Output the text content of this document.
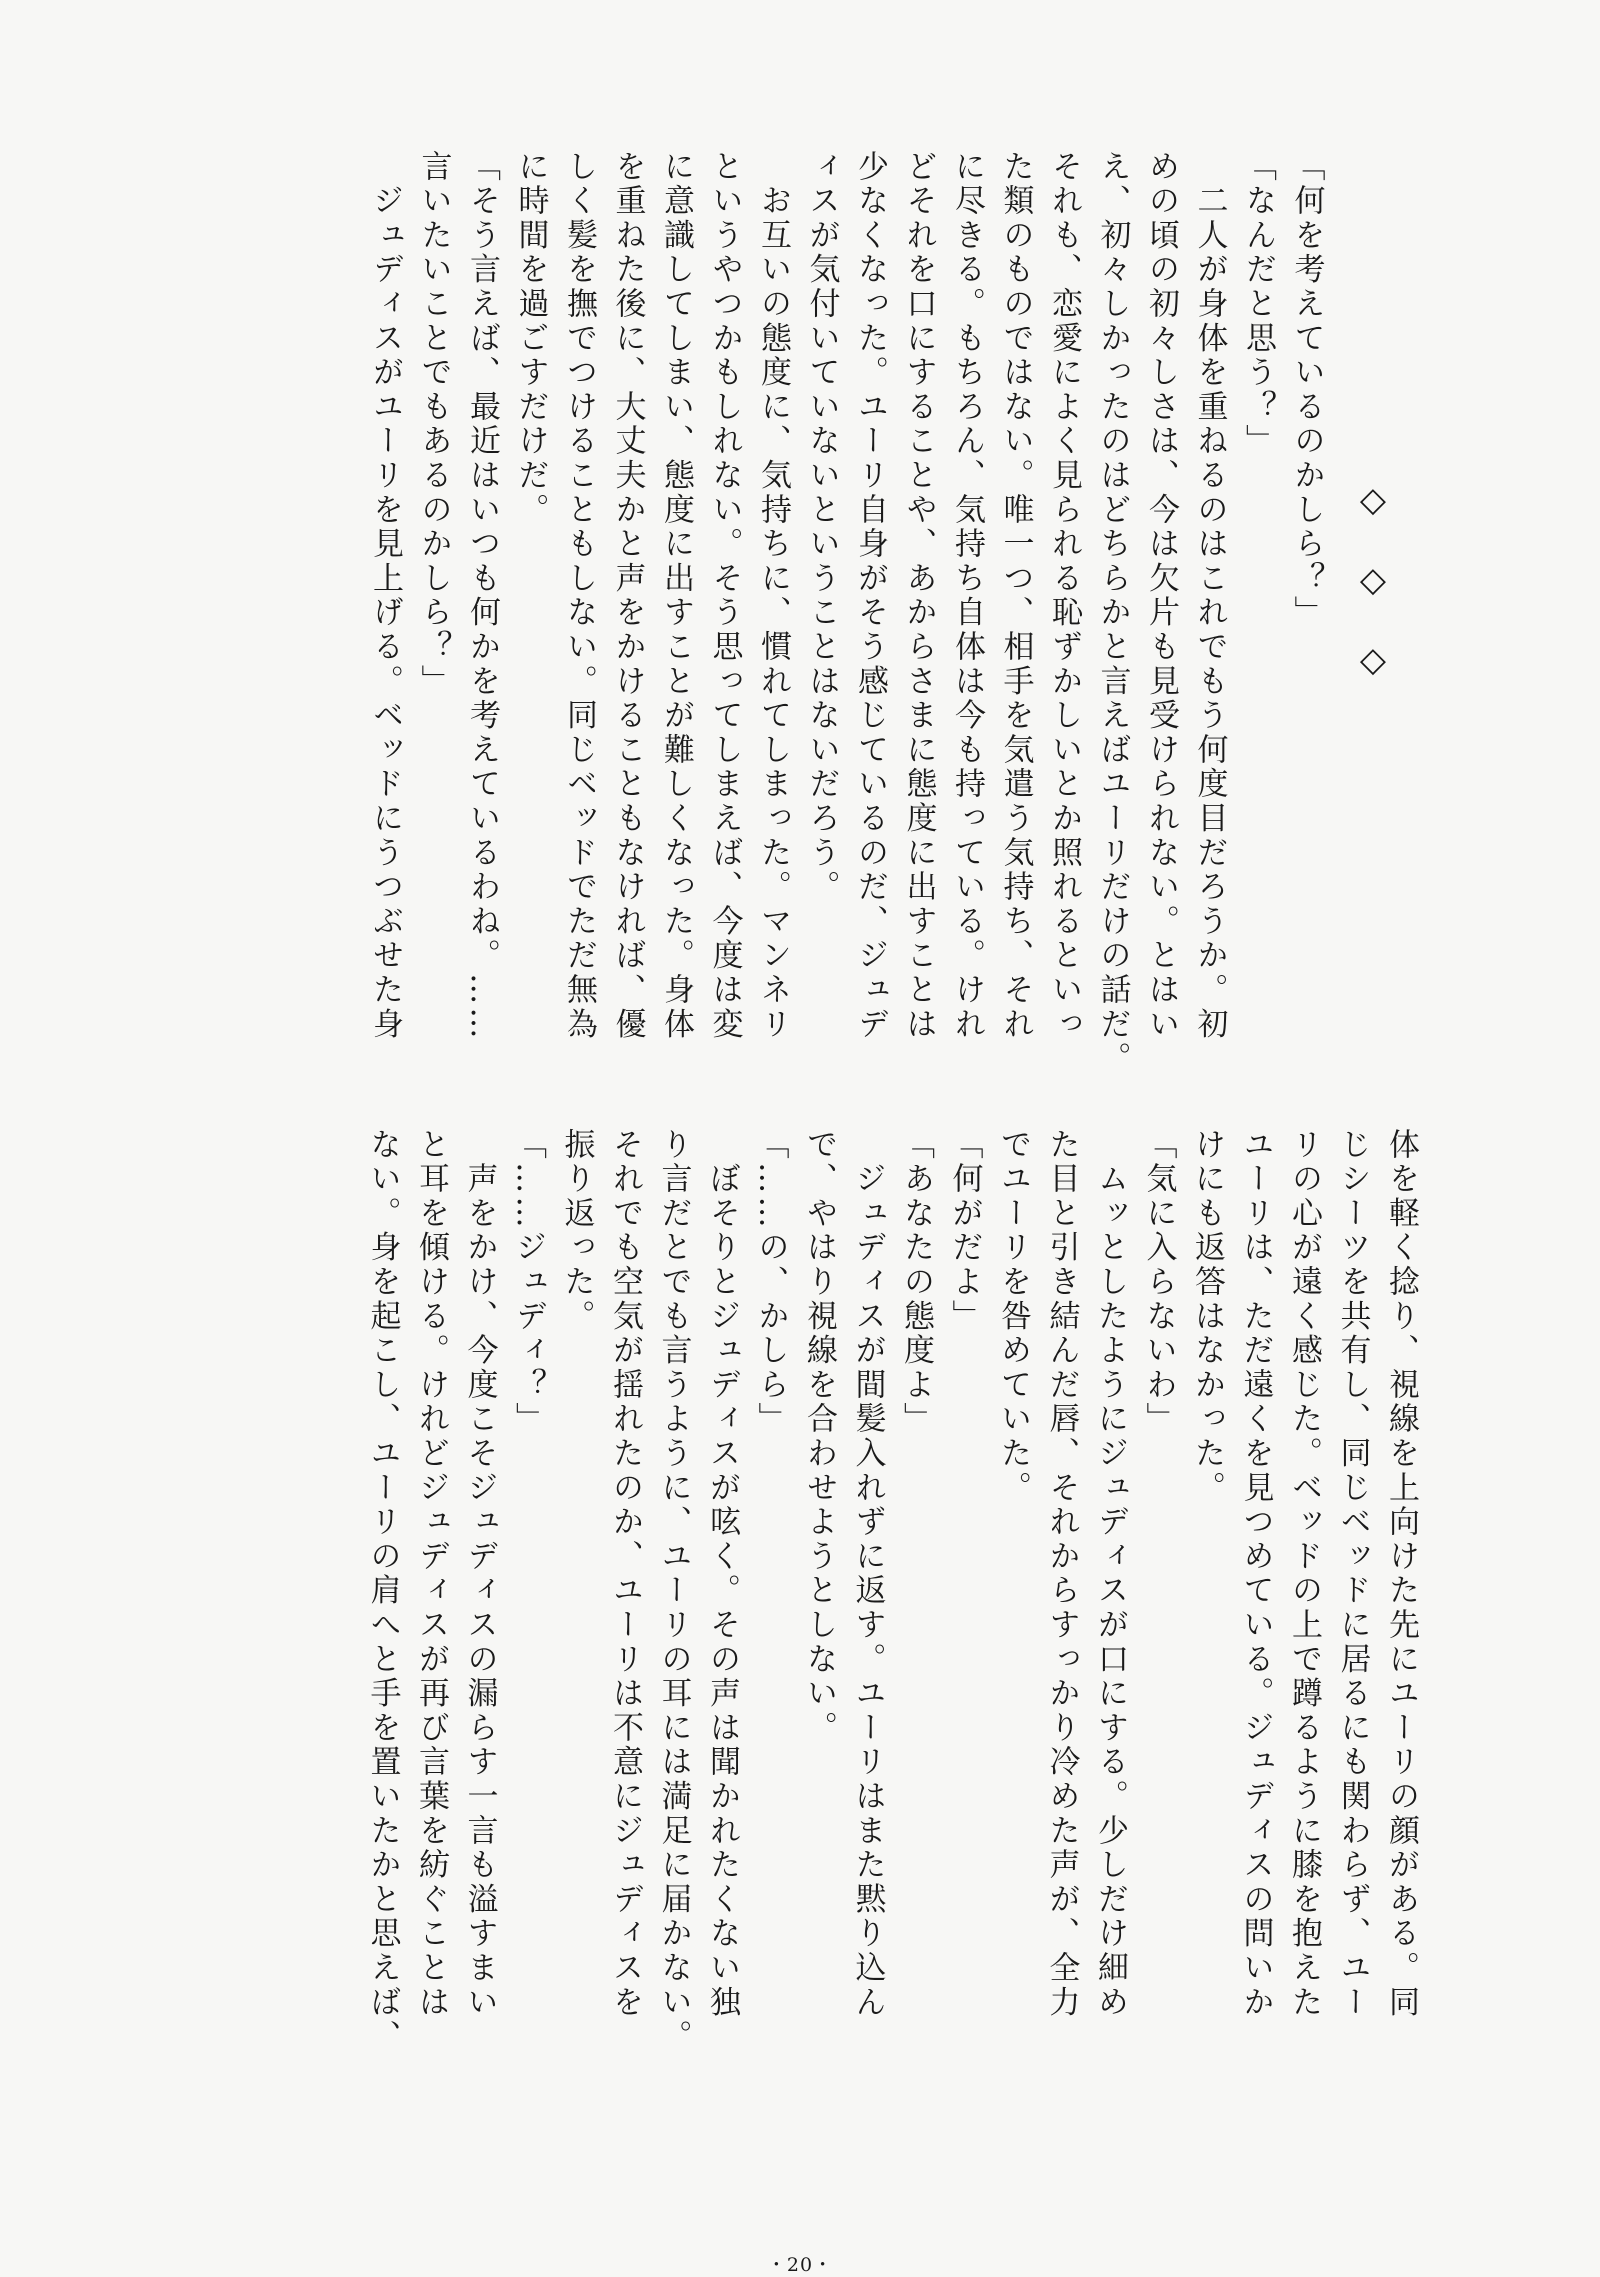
◇◇◇

「何を考えているのかしら？」

「なんだと思う？」

　二人が身体を重ねるのはこれでもう何度目だろうか。初

めの頃の初々しさは、今は欠片も見受けられない。とはい

え、初々しかったのはどちらかと言えばユーリだけの話だ。

それも、恋愛によく見られる恥ずかしいとか照れるといっ

た類のものではない。唯一つ、相手を気遣う気持ち、それ

に尽きる。もちろん、気持ち自体は今も持っている。けれ

どそれを口にすることや、あからさまに態度に出すことは

少なくなった。ユーリ自身がそう感じているのだ、ジュデ

ィスが気付いていないということはないだろう。

　お互いの態度に、気持ちに、慣れてしまった。マンネリ

というやつかもしれない。そう思ってしまえば、今度は変

に意識してしまい、態度に出すことが難しくなった。身体

を重ねた後に、大丈夫かと声をかけることもなければ、優

しく髪を撫でつけることもしない。同じベッドでただ無為

に時間を過ごすだけだ。

「そう言えば、最近はいつも何かを考えているわね。……

言いたいことでもあるのかしら？」

　ジュディスがユーリを見上げる。ベッドにうつぶせた身

体を軽く捻り、視線を上向けた先にユーリの顔がある。同

じシーツを共有し、同じベッドに居るにも関わらず、ユー

リの心が遠く感じた。ベッドの上で蹲るように膝を抱えた

ユーリは、ただ遠くを見つめている。ジュディスの問いか

けにも返答はなかった。

「気に入らないわ」

　ムッとしたようにジュディスが口にする。少しだけ細め

た目と引き結んだ唇、それからすっかり冷めた声が、全力

でユーリを咎めていた。

「何がだよ」

「あなたの態度よ」

　ジュディスが間髪入れずに返す。ユーリはまた黙り込ん

で、やはり視線を合わせようとしない。

「……の、かしら」

　ぼそりとジュディスが呟く。その声は聞かれたくない独

り言だとでも言うように、ユーリの耳には満足に届かない。

それでも空気が揺れたのか、ユーリは不意にジュディスを

振り返った。

「……ジュディ？」

　声をかけ、今度こそジュディスの漏らす一言も溢すまい

と耳を傾ける。けれどジュディスが再び言葉を紡ぐことは

ない。身を起こし、ユーリの肩へと手を置いたかと思えば、

・20・
